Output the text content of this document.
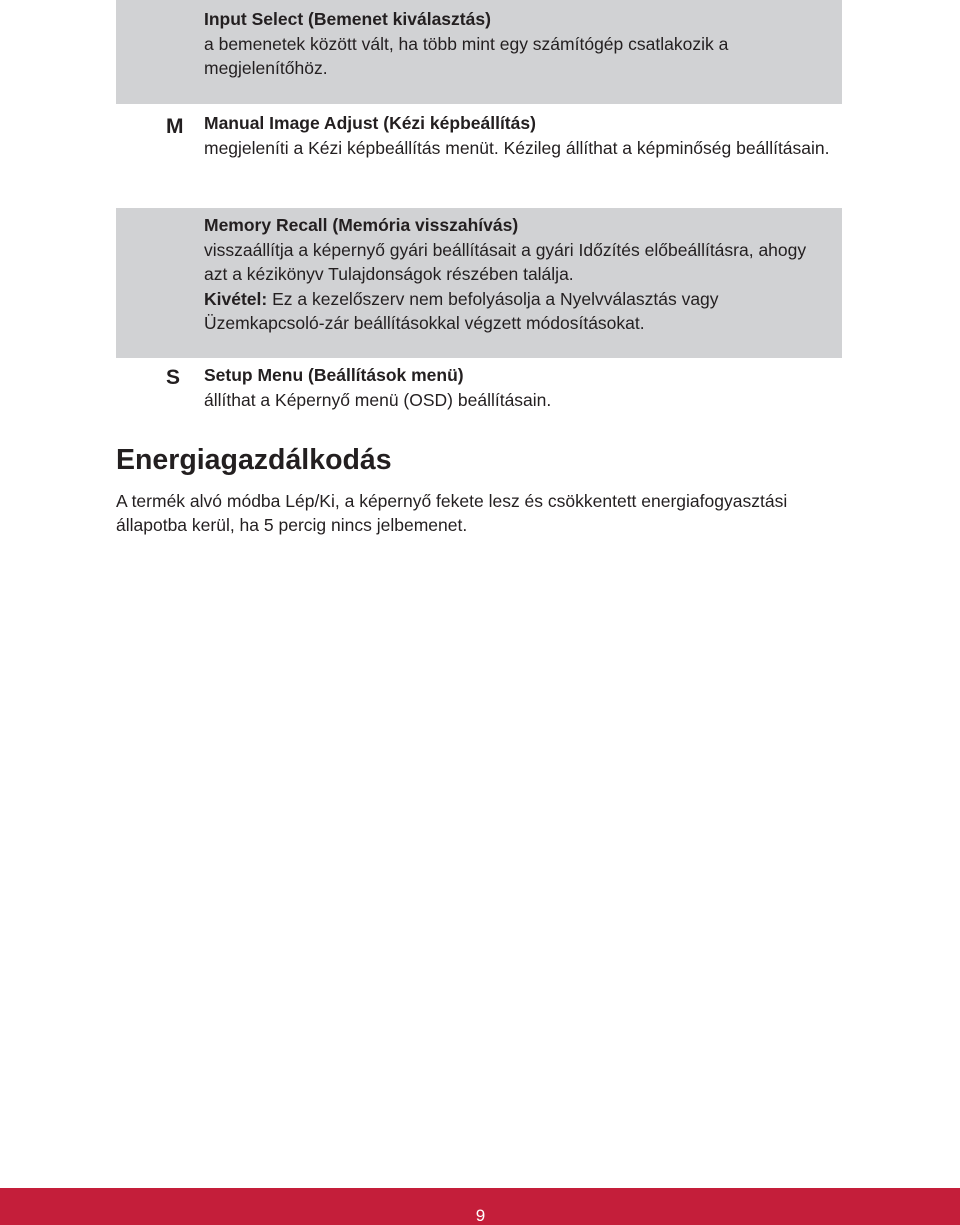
Input Select (Bemenet kiválasztás)
a bemenetek között vált, ha több mint egy számítógép csatlakozik a megjelenítőhöz.
M Manual Image Adjust (Kézi képbeállítás)
megjeleníti a Kézi képbeállítás menüt. Kézileg állíthat a képminőség beállításain.
Memory Recall (Memória visszahívás)
visszaállítja a képernyő gyári beállításait a gyári Időzítés előbeállításra, ahogy azt a kézikönyv Tulajdonságok részében találja.
Kivétel: Ez a kezelőszerv nem befolyásolja a Nyelvválasztás vagy Üzemkapcsoló-zár beállításokkal végzett módosításokat.
S Setup Menu (Beállítások menü)
állíthat a Képernyő menü (OSD) beállításain.
Energiagazdálkodás

A termék alvó módba Lép/Ki, a képernyő fekete lesz és csökkentett energiafogyasztási állapotba kerül, ha 5 percig nincs jelbemenet.

9
